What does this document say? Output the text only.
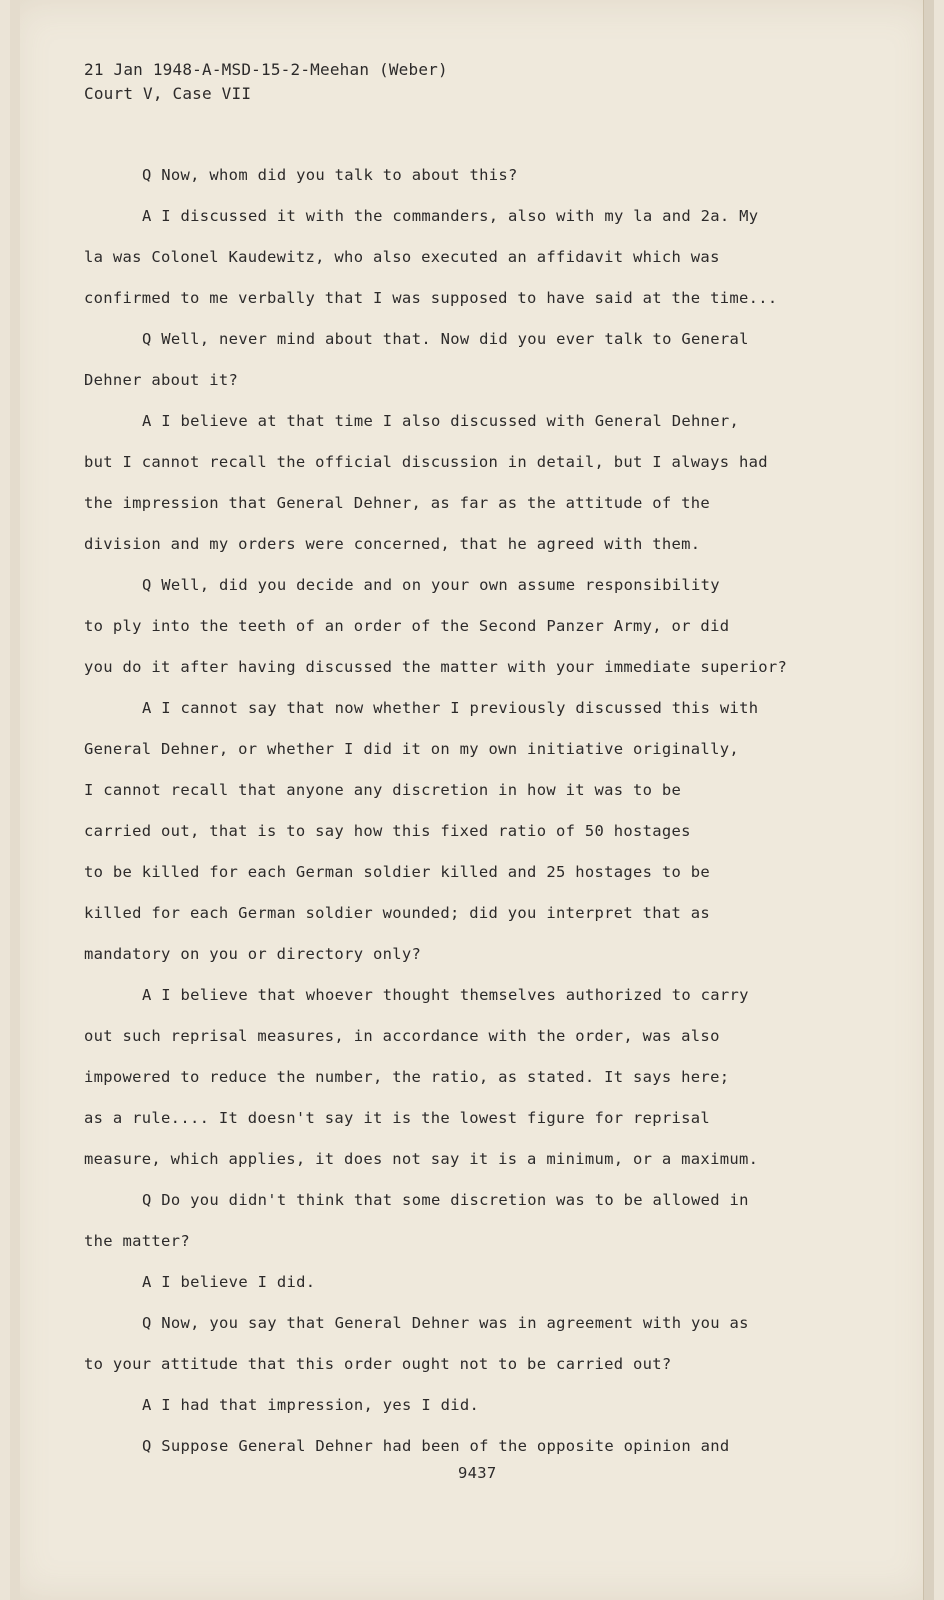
21 Jan 1948-A-MSD-15-2-Meehan (Weber)
Court V, Case VII
Q Now, whom did you talk to about this?
A I discussed it with the commanders, also with my la and 2a. My
la was Colonel Kaudewitz, who also executed an affidavit which was
confirmed to me verbally that I was supposed to have said at the time...
Q Well, never mind about that. Now did you ever talk to General
Dehner about it?
A I believe at that time I also discussed with General Dehner,
but I cannot recall the official discussion in detail, but I always had
the impression that General Dehner, as far as the attitude of the
division and my orders were concerned, that he agreed with them.
Q Well, did you decide and on your own assume responsibility
to ply into the teeth of an order of the Second Panzer Army, or did
you do it after having discussed the matter with your immediate superior?
A I cannot say that now whether I previously discussed this with
General Dehner, or whether I did it on my own initiative originally,
I cannot recall that anyone any discretion in how it was to be
carried out, that is to say how this fixed ratio of 50 hostages
to be killed for each German soldier killed and 25 hostages to be
killed for each German soldier wounded; did you interpret that as
mandatory on you or directory only?
A I believe that whoever thought themselves authorized to carry
out such reprisal measures, in accordance with the order, was also
impowered to reduce the number, the ratio, as stated. It says here;
as a rule.... It doesn't say it is the lowest figure for reprisal
measure, which applies, it does not say it is a minimum, or a maximum.
Q Do you didn't think that some discretion was to be allowed in
the matter?
A I believe I did.
Q Now, you say that General Dehner was in agreement with you as
to your attitude that this order ought not to be carried out?
A I had that impression, yes I did.
Q Suppose General Dehner had been of the opposite opinion and
9437
